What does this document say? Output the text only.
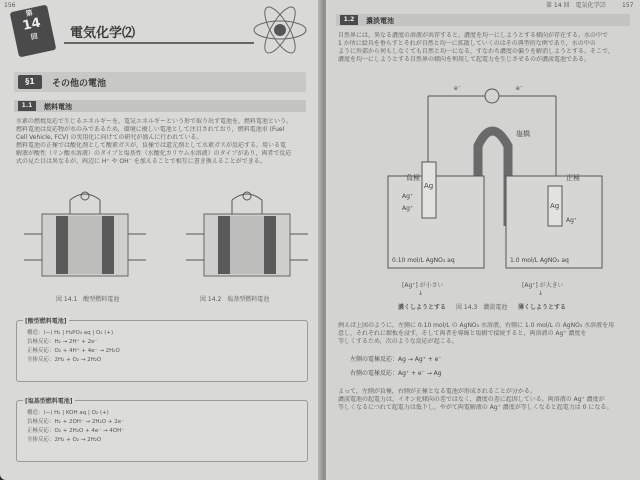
156
第
14
回	電気化学⑵
§1	その他の電池
1.1	燃料電池
水素の燃焼反応で生じるエネルギーを，電気エネルギーという形で取り出す電池を，燃料電池という。
燃料電池は反応物が水のみであるため，環境に優しい電池として注目されており，燃料電池車 (Fuel
Cell Vehicle, FCV) の実用化に向けての研究が盛んに行われている。
燃料電池の正極では酸化剤として酸素ガスが，負極では還元剤として水素ガスが反応する。用いる電
解液が酸性（リン酸水溶液）のタイプと塩基性（水酸化カリウム水溶液）のタイプがあり，両者で反応
式の見た目は異なるが，両辺に H⁺ や OH⁻ を加えることで相互に書き換えることができる。
図 14.1　酸型燃料電池	図 14.2　塩基型燃料電池
[酸型燃料電池]
構造：(−) H₂ | H₃PO₄ aq | O₂ (+)
負極反応：H₂ → 2H⁺ + 2e⁻
正極反応：O₂ + 4H⁺ + 4e⁻ → 2H₂O
全体反応：2H₂ + O₂ → 2H₂O
[塩基型燃料電池]
構造：(−) H₂ | KOH aq | O₂ (+)
負極反応：H₂ + 2OH⁻ → 2H₂O + 2e⁻
正極反応：O₂ + 2H₂O + 4e⁻ → 4OH⁻
全体反応：2H₂ + O₂ → 2H₂O
第 14 回　電気化学⑵	157
1.2	濃淡電池
自然界には，異なる濃度の溶液が共存すると，濃度を均一にしようとする傾向が存在する。水の中で
1 か所に絵具を垂らすとそれが自然と均一に拡散していくのはその典型的な例であり，水の中の
ように外部から何もしなくても自然と均一になる，すなわち濃度の偏りを解消しようとする。そこで，
濃度を均一にしようとする自然界の傾向を利用して起電力を生じさせるのが濃淡電池である。
Ag
Ag
負極	正極
塩橋
e⁻	e⁻
Ag⁺
Ag⁺
Ag⁺
0.10 mol/L AgNO₃ aq	1.0 mol/L AgNO₃ aq
[Ag⁺] が小さい	[Ag⁺] が大きい
↓	↓
濃くしようとする	薄くしようとする
図 14.3　濃淡電池
例えば上図のように，左側に 0.10 mol/L の AgNO₃ 水溶液，右側に 1.0 mol/L の AgNO₃ 水溶液を用
意し，それぞれに銀板を浸す。そして両者を導線と塩橋で接続すると，両溶液の Ag⁺ 濃度を
等しくするため，次のような反応が起こる。
左側の電極反応：Ag → Ag⁺ + e⁻
右側の電極反応：Ag⁺ + e⁻ → Ag
よって，左側が負極，右側が正極となる電池が形成されることが分かる。
濃淡電池の起電力は，イオン化傾向の差ではなく，濃度の差に起因している。両溶液の Ag⁺ 濃度が
等しくなるにつれて起電力は低下し，やがて両電解液の Ag⁺ 濃度が等しくなると起電力は 0 になる。
